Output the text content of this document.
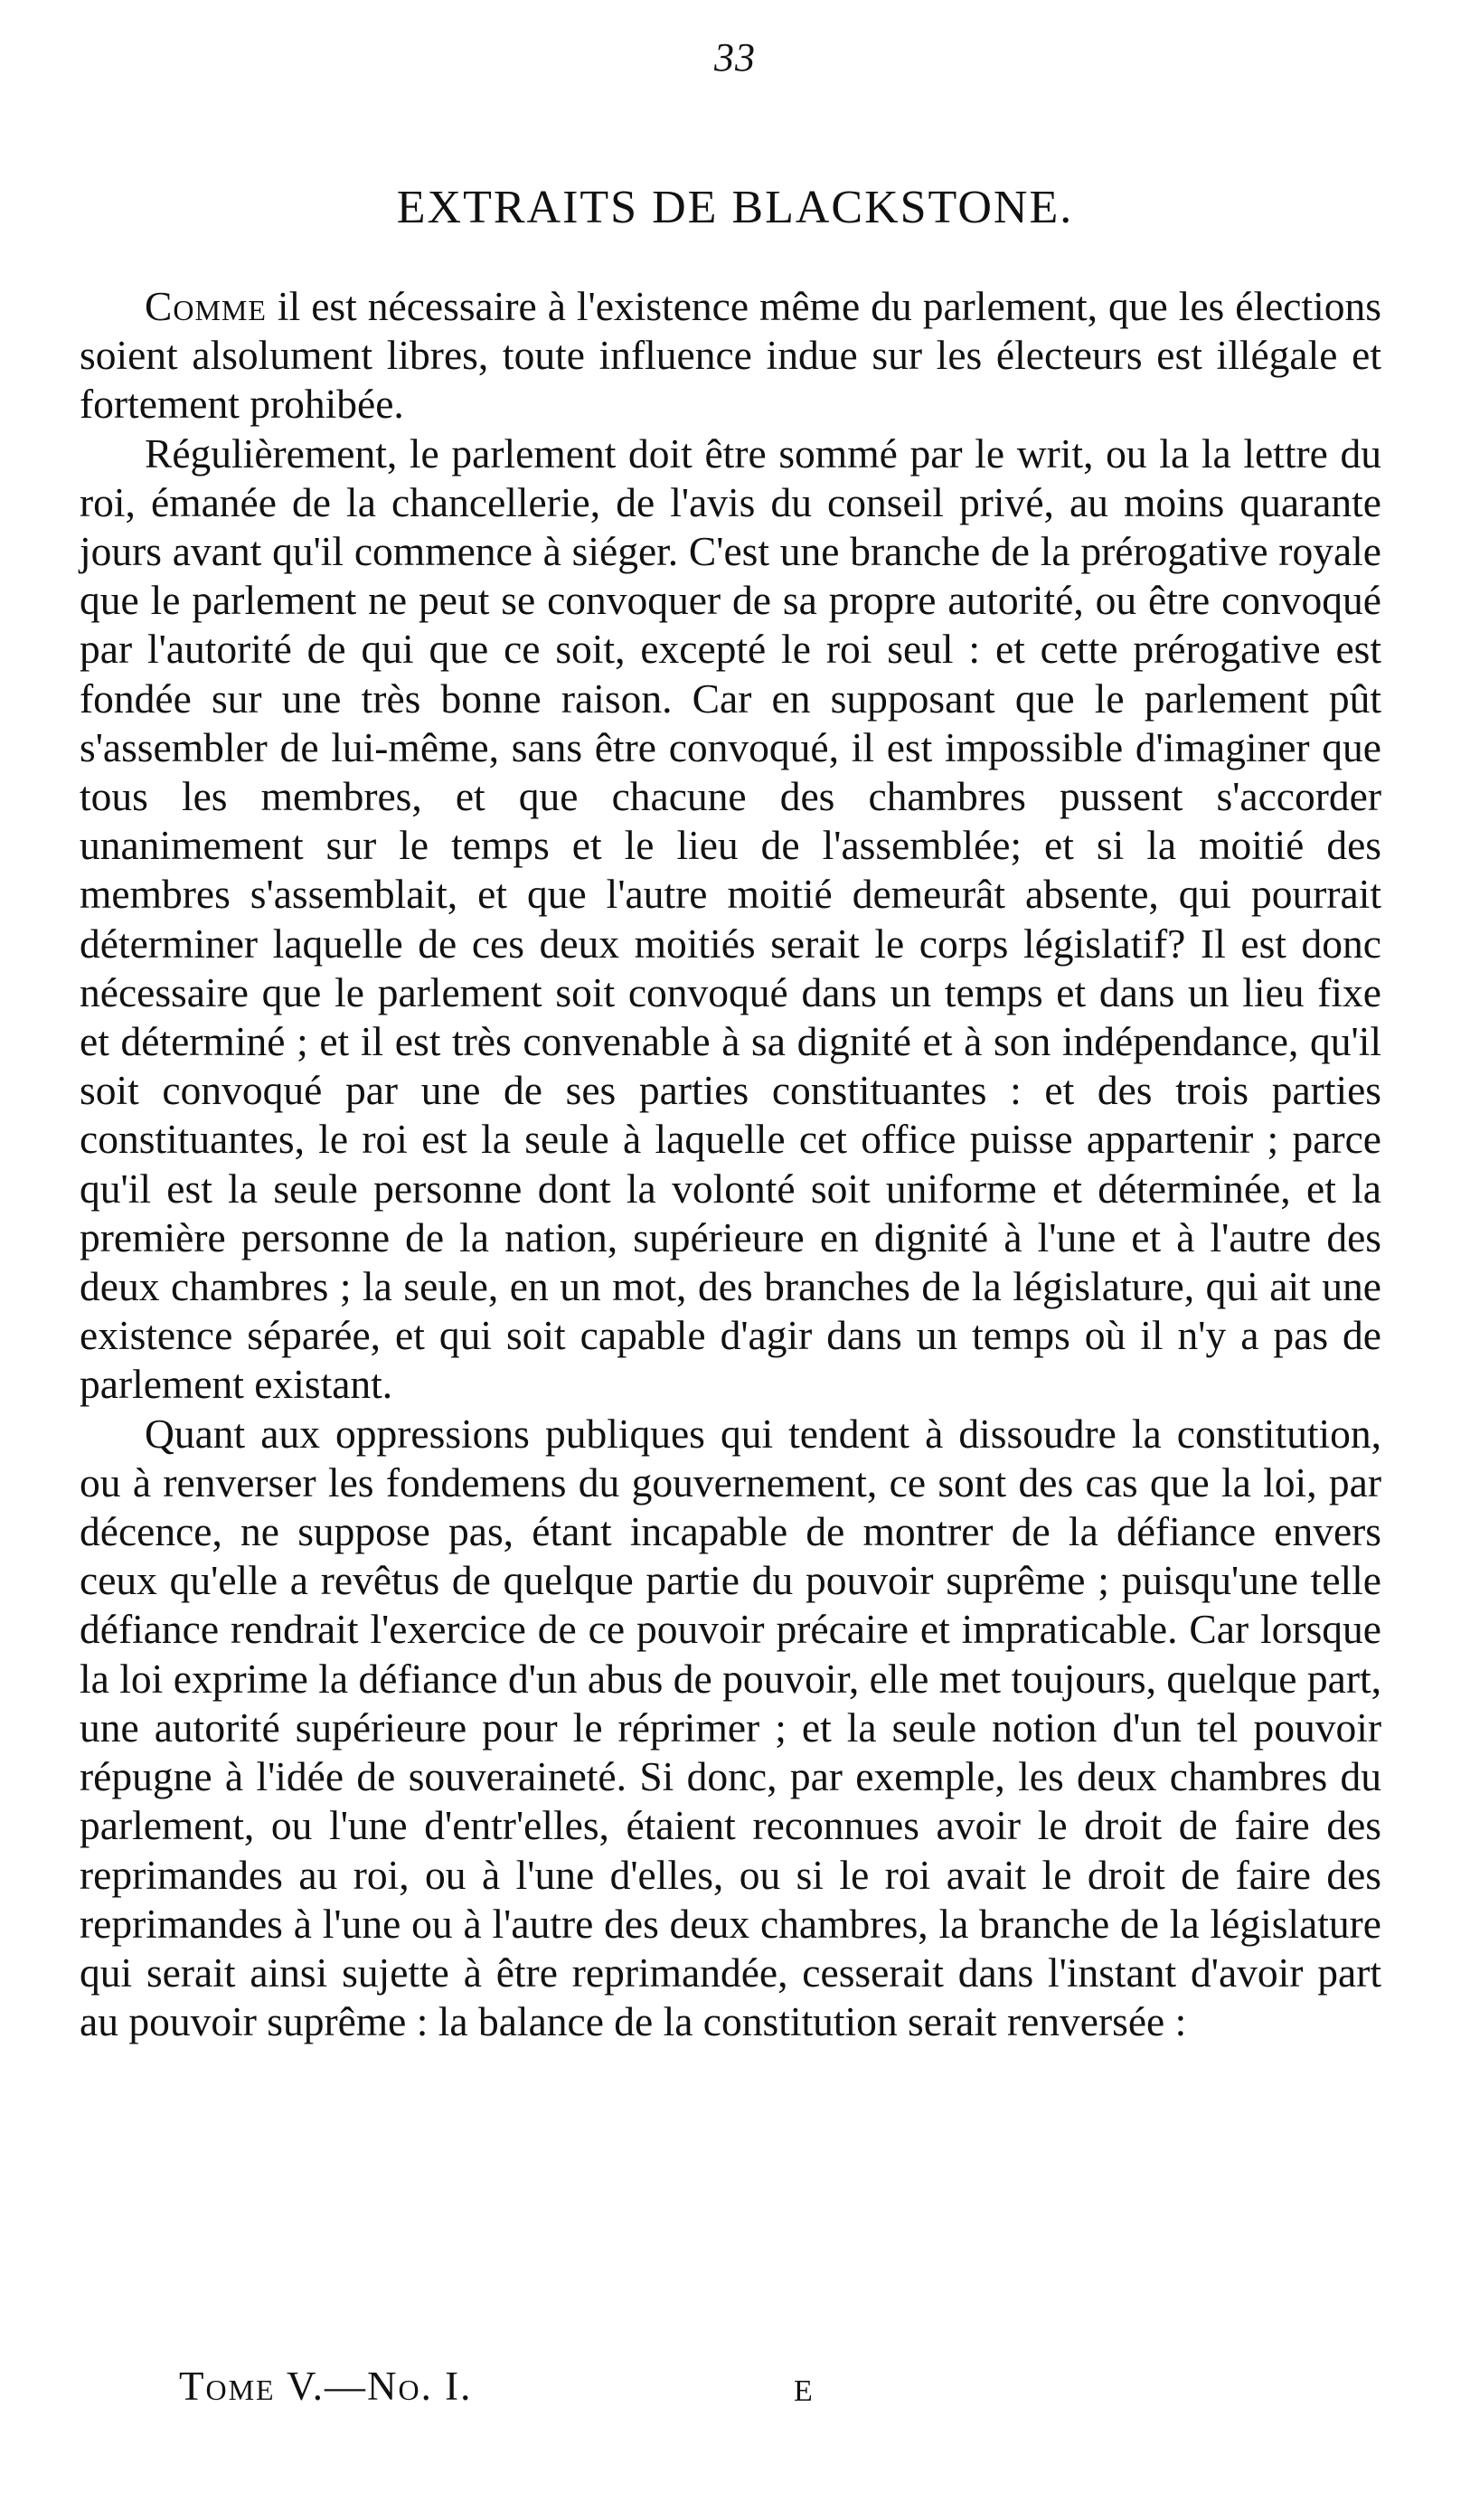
33
EXTRAITS DE BLACKSTONE.

Comme il est nécessaire à l'existence même du parlement, que les élections soient alsolument libres, toute influence indue sur les électeurs est illégale et fortement prohibée.

Régulièrement, le parlement doit être sommé par le writ, ou la la lettre du roi, émanée de la chancellerie, de l'avis du conseil privé, au moins quarante jours avant qu'il commence à siéger. C'est une branche de la prérogative royale que le parlement ne peut se convoquer de sa propre autorité, ou être convoqué par l'autorité de qui que ce soit, excepté le roi seul : et cette prérogative est fondée sur une très bonne raison. Car en supposant que le parlement pût s'assembler de lui-même, sans être convoqué, il est impossible d'imaginer que tous les membres, et que chacune des chambres pussent s'accorder unanimement sur le temps et le lieu de l'assemblée; et si la moitié des membres s'assemblait, et que l'autre moitié demeurât absente, qui pourrait déterminer laquelle de ces deux moitiés serait le corps législatif? Il est donc nécessaire que le parlement soit convoqué dans un temps et dans un lieu fixe et déterminé ; et il est très convenable à sa dignité et à son indépendance, qu'il soit convoqué par une de ses parties constituantes : et des trois parties constituantes, le roi est la seule à laquelle cet office puisse appartenir ; parce qu'il est la seule personne dont la volonté soit uniforme et déterminée, et la première personne de la nation, supérieure en dignité à l'une et à l'autre des deux chambres ; la seule, en un mot, des branches de la législature, qui ait une existence séparée, et qui soit capable d'agir dans un temps où il n'y a pas de parlement existant.

Quant aux oppressions publiques qui tendent à dissoudre la constitution, ou à renverser les fondemens du gouvernement, ce sont des cas que la loi, par décence, ne suppose pas, étant incapable de montrer de la défiance envers ceux qu'elle a revêtus de quelque partie du pouvoir suprême ; puisqu'une telle défiance rendrait l'exercice de ce pouvoir précaire et impraticable. Car lorsque la loi exprime la défiance d'un abus de pouvoir, elle met toujours, quelque part, une autorité supérieure pour le réprimer ; et la seule notion d'un tel pouvoir répugne à l'idée de souveraineté. Si donc, par exemple, les deux chambres du parlement, ou l'une d'entr'elles, étaient reconnues avoir le droit de faire des reprimandes au roi, ou à l'une d'elles, ou si le roi avait le droit de faire des reprimandes à l'une ou à l'autre des deux chambres, la branche de la législature qui serait ainsi sujette à être reprimandée, cesserait dans l'instant d'avoir part au pouvoir suprême : la balance de la constitution serait renversée :

Tome V.—No. I.	E
